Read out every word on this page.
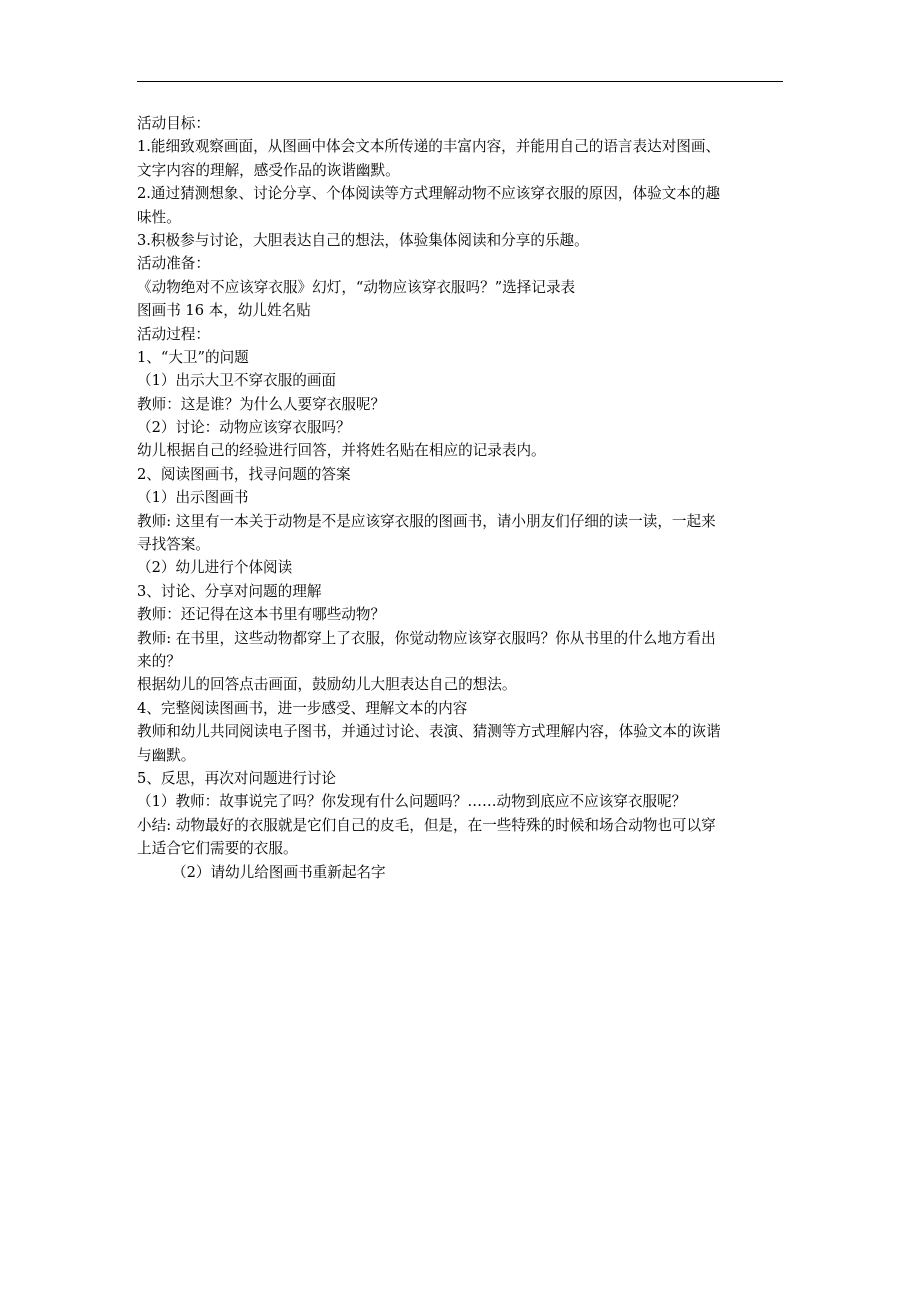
活动目标：
1.能细致观察画面，从图画中体会文本所传递的丰富内容，并能用自己的语言表达对图画、
文字内容的理解，感受作品的诙谐幽默。
2.通过猜测想象、讨论分享、个体阅读等方式理解动物不应该穿衣服的原因，体验文本的趣
味性。
3.积极参与讨论，大胆表达自己的想法，体验集体阅读和分享的乐趣。
活动准备：
《动物绝对不应该穿衣服》幻灯，“动物应该穿衣服吗？”选择记录表
图画书 16 本，幼儿姓名贴
活动过程：
1、“大卫”的问题
（1）出示大卫不穿衣服的画面
教师：这是谁？为什么人要穿衣服呢？
（2）讨论：动物应该穿衣服吗？
幼儿根据自己的经验进行回答，并将姓名贴在相应的记录表内。
2、阅读图画书，找寻问题的答案
（1）出示图画书
教师: 这里有一本关于动物是不是应该穿衣服的图画书，请小朋友们仔细的读一读，一起来
寻找答案。
（2）幼儿进行个体阅读
3、讨论、分享对问题的理解
教师：还记得在这本书里有哪些动物？
教师: 在书里，这些动物都穿上了衣服，你觉动物应该穿衣服吗？你从书里的什么地方看出
来的？
根据幼儿的回答点击画面，鼓励幼儿大胆表达自己的想法。
4、完整阅读图画书，进一步感受、理解文本的内容
教师和幼儿共同阅读电子图书，并通过讨论、表演、猜测等方式理解内容，体验文本的诙谐
与幽默。
5、反思，再次对问题进行讨论
（1）教师：故事说完了吗？你发现有什么问题吗？……动物到底应不应该穿衣服呢？
小结: 动物最好的衣服就是它们自己的皮毛，但是，在一些特殊的时候和场合动物也可以穿
上适合它们需要的衣服。
（2）请幼儿给图画书重新起名字
